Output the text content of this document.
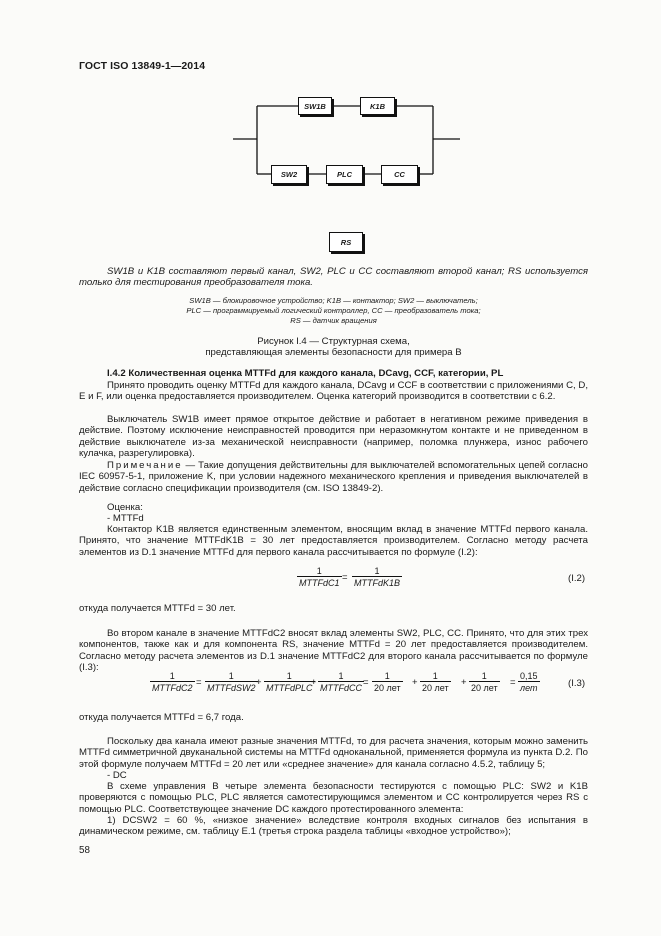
ГОСТ ISO 13849-1—2014
SW1B	K1B
SW2	PLC	CC
RS
SW1B и K1B составляют первый канал, SW2, PLC и CC составляют второй канал; RS используется только для тестирования преобразователя тока.
SW1B — блокировочное устройство; K1B — контактор; SW2 — выключатель;
PLC — программируемый логический контроллер, CC — преобразователь тока;
RS — датчик вращения
Рисунок I.4 — Структурная схема,
представляющая элементы безопасности для примера B
I.4.2 Количественная оценка MTTFd для каждого канала, DCavg, CCF, категории, PL
Принято проводить оценку MTTFd для каждого канала, DCavg и CCF в соответствии с приложениями C, D, E и F, или оценка предоставляется производителем. Оценка категорий производится в соответствии с 6.2.
Выключатель SW1B имеет прямое открытое действие и работает в негативном режиме приведения в действие. Поэтому исключение неисправностей проводится при неразомкнутом контакте и не приведенном в действие выключателе из-за механической неисправности (например, поломка плунжера, износ рабочего кулачка, разрегулировка).
Примечание — Такие допущения действительны для выключателей вспомогательных цепей согласно IEC 60957-5-1, приложение K, при условии надежного механического крепления и приведения выключателей в действие согласно спецификации производителя (см. ISO 13849-2).
Оценка:
- MTTFd
Контактор K1B является единственным элементом, вносящим вклад в значение MTTFd первого канала. Принято, что значение MTTFdK1B = 30 лет предоставляется производителем. Согласно методу расчета элементов из D.1 значение MTTFd для первого канала рассчитывается по формуле (I.2):
1
MTTFdC1 =
1
MTTFdK1B	(I.2)
откуда получается MTTFd = 30 лет.
Во втором канале в значение MTTFdC2 вносят вклад элементы SW2, PLC, CC. Принято, что для этих трех компонентов, также как и для компонента RS, значение MTTFd = 20 лет предоставляется производителем. Согласно методу расчета элементов из D.1 значение MTTFdC2 для второго канала рассчитывается по формуле (I.3):
1
MTTFdC2 =
1
MTTFdSW2 +
1
MTTFdPLC
+
1
MTTFdCC =
1
20 лет +
1
20 лет +
1
20 лет =
0,15
лет	(I.3)
откуда получается MTTFd = 6,7 года.
Поскольку два канала имеют разные значения MTTFd, то для расчета значения, которым можно заменить MTTFd симметричной двуканальной системы на MTTFd одноканальной, применяется формула из пункта D.2. По этой формуле получаем MTTFd = 20 лет или «среднее значение» для канала согласно 4.5.2, таблицу 5;
- DC
В схеме управления В четыре элемента безопасности тестируются с помощью PLC: SW2 и K1B проверяются с помощью PLC, PLC является самотестирующимся элементом и CC контролируется через RS с помощью PLC. Соответствующее значение DC каждого протестированного элемента:
1) DCSW2 = 60 %, «низкое значение» вследствие контроля входных сигналов без испытания в динамическом режиме, см. таблицу E.1 (третья строка раздела таблицы «входное устройство»);
58
